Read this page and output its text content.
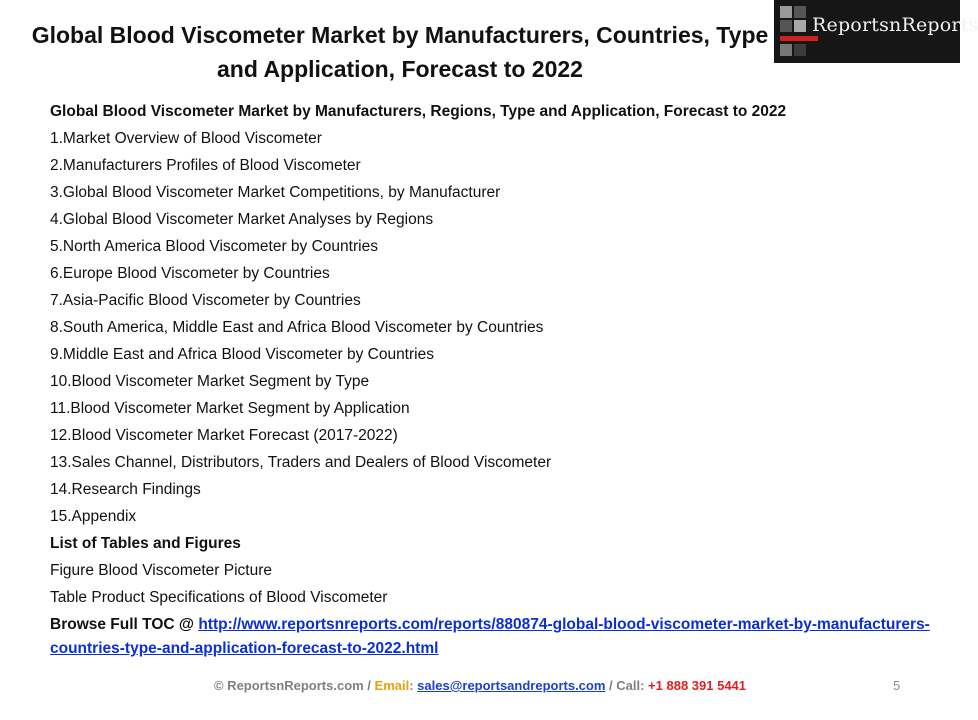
Global Blood Viscometer Market by Manufacturers, Countries, Type
and Application, Forecast to 2022
ReportsnReports
Global Blood Viscometer Market by Manufacturers, Regions, Type and Application, Forecast to 2022
1.Market Overview of Blood Viscometer
2.Manufacturers Profiles of Blood Viscometer
3.Global Blood Viscometer Market Competitions, by Manufacturer
4.Global Blood Viscometer Market Analyses by Regions
5.North America Blood Viscometer by Countries
6.Europe Blood Viscometer by Countries
7.Asia-Pacific Blood Viscometer by Countries
8.South America, Middle East and Africa Blood Viscometer by Countries
9.Middle East and Africa Blood Viscometer by Countries
10.Blood Viscometer Market Segment by Type
11.Blood Viscometer Market Segment by Application
12.Blood Viscometer Market Forecast (2017-2022)
13.Sales Channel, Distributors, Traders and Dealers of Blood Viscometer
14.Research Findings
15.Appendix
List of Tables and Figures
Figure Blood Viscometer Picture
Table Product Specifications of Blood Viscometer
Browse Full TOC @ http://www.reportsnreports.com/reports/880874-global-blood-viscometer-market-by-manufacturers-countries-type-and-application-forecast-to-2022.html
© ReportsnReports.com / Email: sales@reportsandreports.com / Call: +1 888 391 5441	5
